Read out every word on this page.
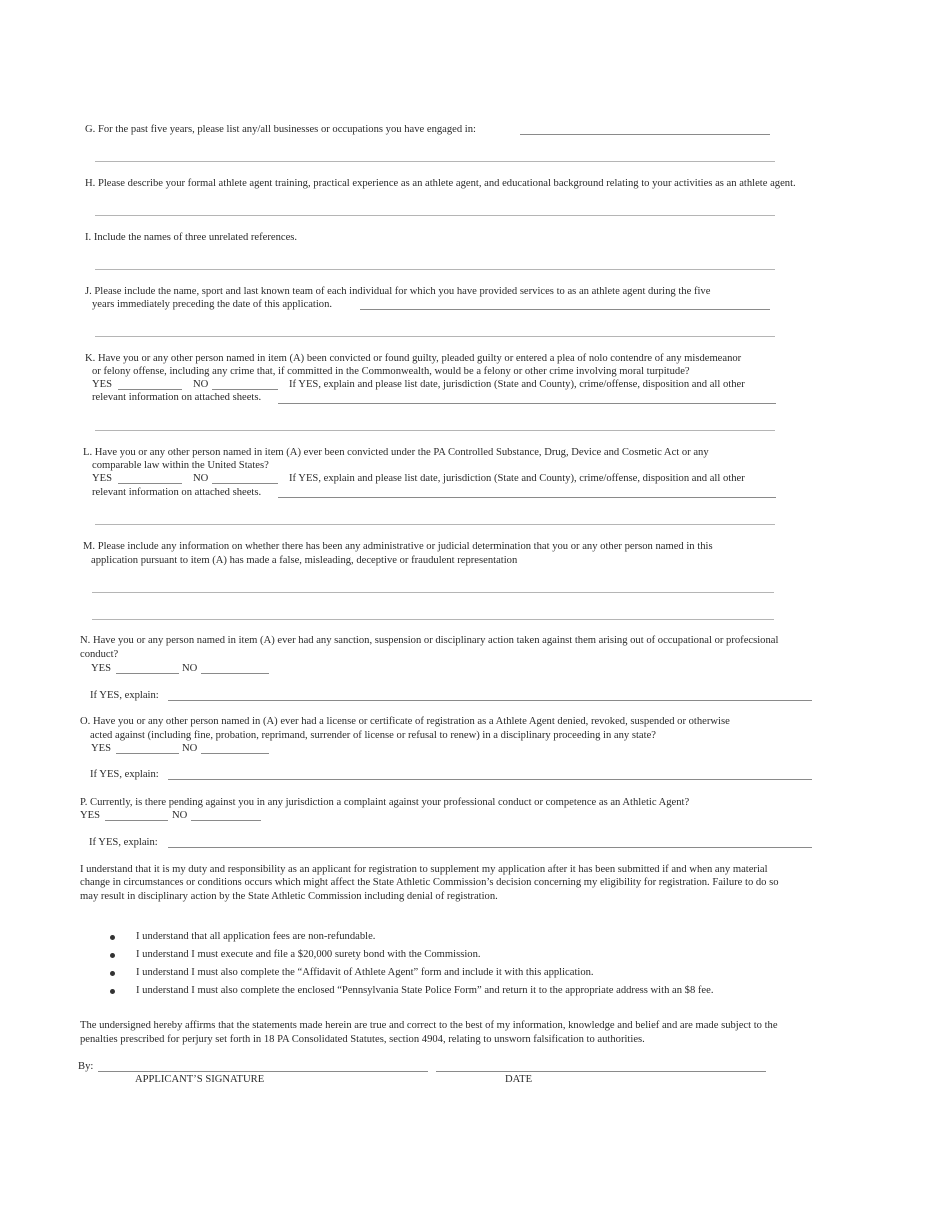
G. For the past five years, please list any/all businesses or occupations you have engaged in:
H. Please describe your formal athlete agent training, practical experience as an athlete agent, and educational background relating to your activities as an athlete agent.
I. Include the names of three unrelated references.
J. Please include the name, sport and last known team of each individual for which you have provided services to as an athlete agent during the five
years immediately preceding the date of this application.
K. Have you or any other person named in item (A) been convicted or found guilty, pleaded guilty or entered a plea of nolo contendre of any misdemeanor
or felony offense, including any crime that, if committed in the Commonwealth, would be a felony or other crime involving moral turpitude?
YES	NO	If YES, explain and please list date, jurisdiction (State and County), crime/offense, disposition and all other
relevant information on attached sheets.
L. Have you or any other person named in item (A) ever been convicted under the PA Controlled Substance, Drug, Device and Cosmetic Act or any
comparable law within the United States?
YES	NO	If YES, explain and please list date, jurisdiction (State and County), crime/offense, disposition and all other
relevant information on attached sheets.
M. Please include any information on whether there has been any administrative or judicial determination that you or any other person named in this
application pursuant to item (A) has made a false, misleading, deceptive or fraudulent representation
N. Have you or any person named in item (A) ever had any sanction, suspension or disciplinary action taken against them arising out of occupational or profecsional
conduct?
YES	NO
If YES, explain:
O. Have you or any other person named in (A) ever had a license or certificate of registration as a Athlete Agent denied, revoked, suspended or otherwise
acted against (including fine, probation, reprimand, surrender of license or refusal to renew) in a disciplinary proceeding in any state?
YES	NO
If YES, explain:
P. Currently, is there pending against you in any jurisdiction a complaint against your professional conduct or competence as an Athletic Agent?
YES	NO
If YES, explain:
I understand that it is my duty and responsibility as an applicant for registration to supplement my application after it has been submitted if and when any material
change in circumstances or conditions occurs which might affect the State Athletic Commission’s decision concerning my eligibility for registration. Failure to do so
may result in disciplinary action by the State Athletic Commission including denial of registration.
I understand that all application fees are non-refundable.
I understand I must execute and file a $20,000 surety bond with the Commission.
I understand I must also complete the “Affidavit of Athlete Agent” form and include it with this application.
I understand I must also complete the enclosed “Pennsylvania State Police Form” and return it to the appropriate address with an $8 fee.
The undersigned hereby affirms that the statements made herein are true and correct to the best of my information, knowledge and belief and are made subject to the
penalties prescribed for perjury set forth in 18 PA Consolidated Statutes, section 4904, relating to unsworn falsification to authorities.
By:
APPLICANT’S SIGNATURE	DATE
